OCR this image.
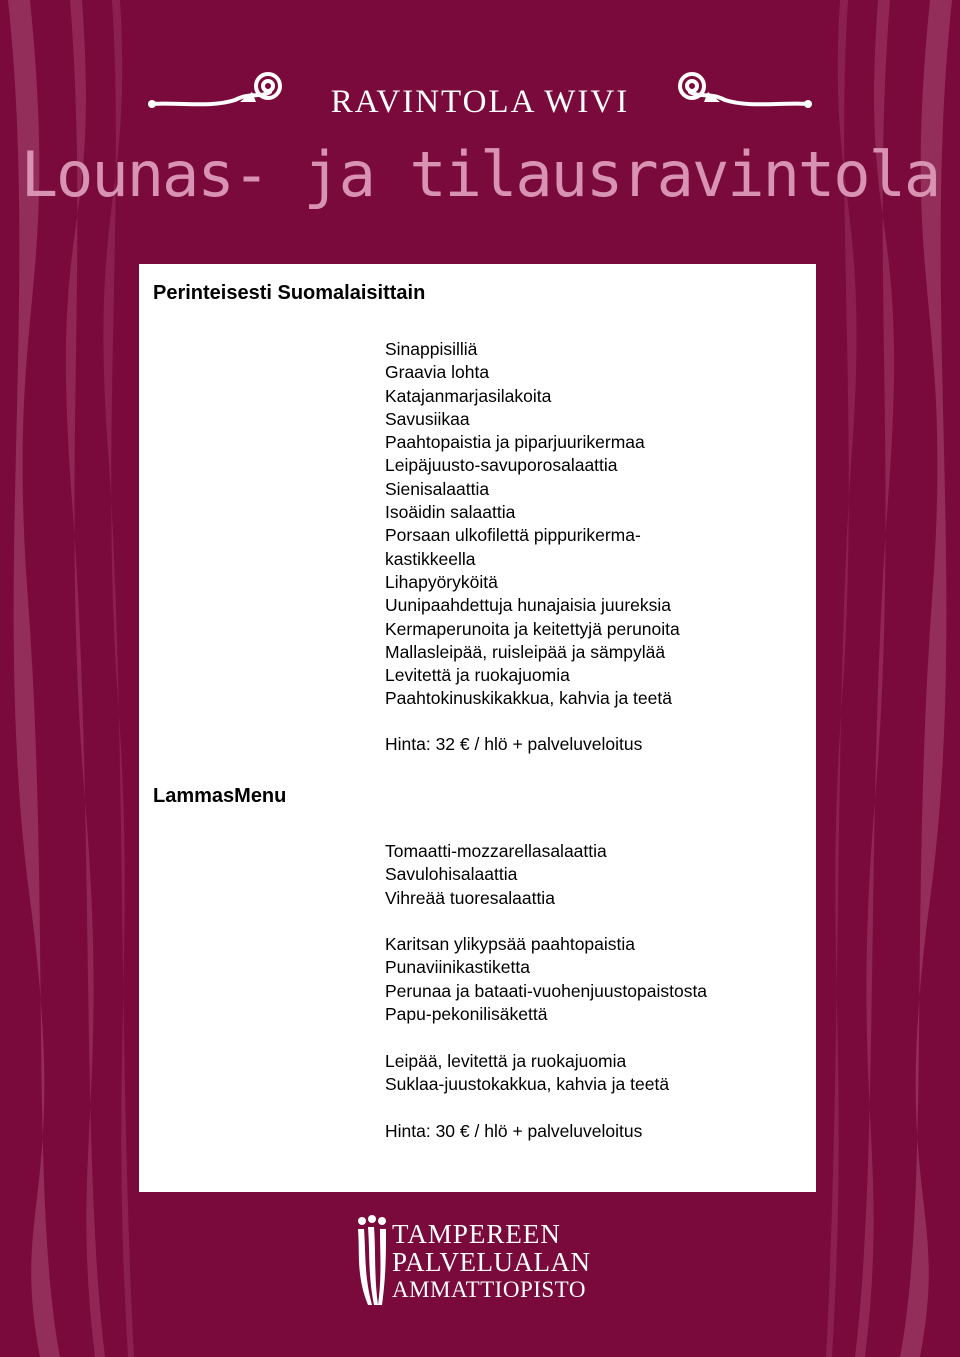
RAVINTOLA WIVI
Lounas- ja tilausravintola
Perinteisesti Suomalaisittain
Sinappisilliä
Graavia lohta
Katajanmarjasilakoita
Savusiikaa
Paahtopaistia ja piparjuurikermaa
Leipäjuusto-savuporosalaattia
Sienisalaattia
Isoäidin salaattia
Porsaan ulkofilettä pippurikerma-
kastikkeella
Lihapyöryköitä
Uunipaahdettuja hunajaisia juureksia
Kermaperunoita ja keitettyjä perunoita
Mallasleipää, ruisleipää ja sämpylää
Levitettä ja ruokajuomia
Paahtokinuskikakkua, kahvia ja teetä
Hinta: 32 € / hlö + palveluveloitus
LammasMenu
Tomaatti-mozzarellasalaattia
Savulohisalaattia
Vihreää tuoresalaattia
Karitsan ylikypsää paahtopaistia
Punaviinikastiketta
Perunaa ja bataati-vuohenjuustopaistosta
Papu-pekonilisäkettä
Leipää, levitettä ja ruokajuomia
Suklaa-juustokakkua, kahvia ja teetä
Hinta: 30 € / hlö + palveluveloitus
TAMPEREEN
PALVELUALAN
AMMATTIOPISTO
